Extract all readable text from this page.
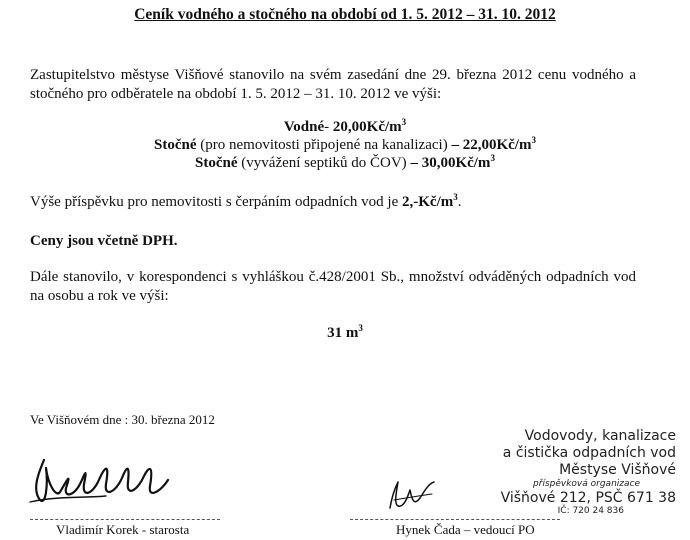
Ceník vodného a stočného na období od 1. 5. 2012 – 31. 10. 2012
Zastupitelstvo městyse Višňové stanovilo na svém zasedání dne 29. března 2012 cenu vodného a stočného pro odběratele na období 1. 5. 2012 – 31. 10. 2012 ve výši:
Vodné- $20,00Kč/m^3$
Stočné (pro nemovitosti připojené na kanalizaci) – $22,00Kč/m^3$
Stočné (vyvážení septiků do ČOV) – $30,00Kč/m^3$
Výše příspěvku pro nemovitosti s čerpáním odpadních vod je $2,-Kč/m^3$.
Ceny jsou včetně DPH.
Dále stanovilo, v korespondenci s vyhláškou č.428/2001 Sb., množství odváděných odpadních vod na osobu a rok ve výši:
31 $m^3$
Ve Višňovém dne : 30. března 2012
Vodovody, kanalizace
a čistička odpadních vod
Městyse Višňové
příspěvková organizace
Višňové 212, PSČ 671 38
IČ: 720 24 836
Vladimír Korek - starosta	Hynek Čada – vedoucí PO
